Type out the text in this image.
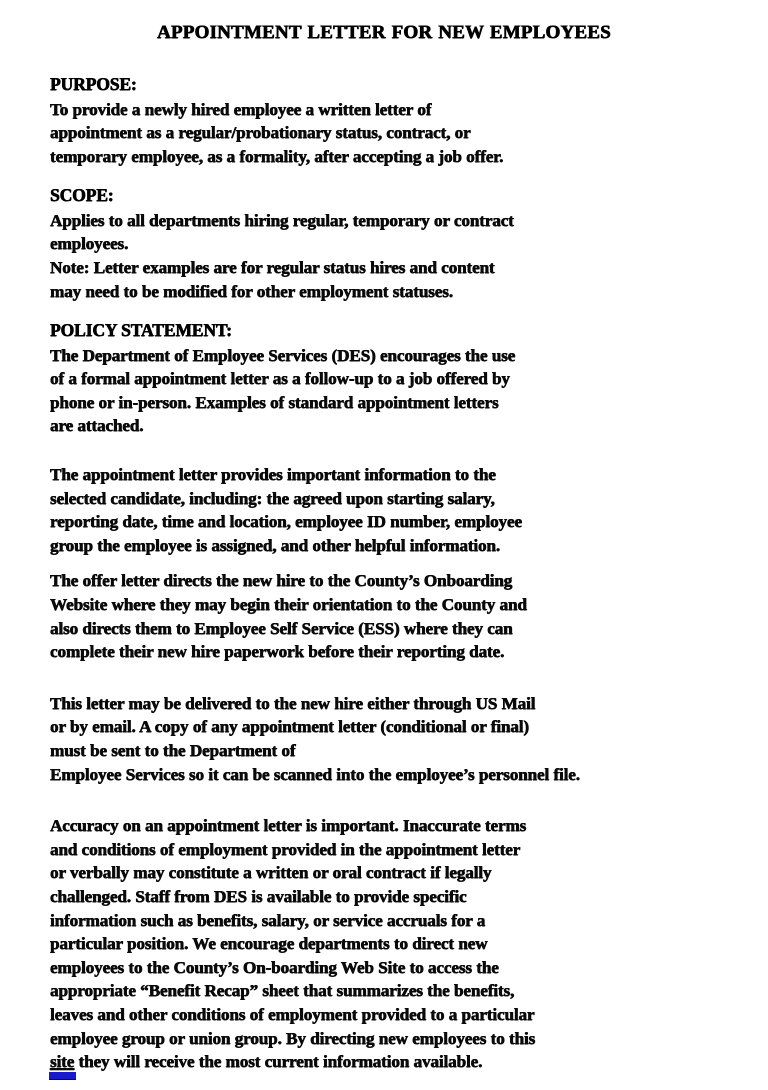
APPOINTMENT LETTER FOR NEW EMPLOYEES
PURPOSE:

To provide a newly hired employee a written letter of
appointment as a regular/probationary status, contract, or
temporary employee, as a formality, after accepting a job offer.

SCOPE:

Applies to all departments hiring regular, temporary or contract
employees.
Note: Letter examples are for regular status hires and content
may need to be modified for other employment statuses.

POLICY STATEMENT:

The Department of Employee Services (DES) encourages the use
of a formal appointment letter as a follow-up to a job offered by
phone or in-person. Examples of standard appointment letters
are attached.

The appointment letter provides important information to the
selected candidate, including: the agreed upon starting salary,
reporting date, time and location, employee ID number, employee
group the employee is assigned, and other helpful information.

The offer letter directs the new hire to the County’s Onboarding
Website where they may begin their orientation to the County and
also directs them to Employee Self Service (ESS) where they can
complete their new hire paperwork before their reporting date.

This letter may be delivered to the new hire either through US Mail
or by email. A copy of any appointment letter (conditional or final)
must be sent to the Department of
Employee Services so it can be scanned into the employee’s personnel file.

Accuracy on an appointment letter is important. Inaccurate terms
and conditions of employment provided in the appointment letter
or verbally may constitute a written or oral contract if legally
challenged. Staff from DES is available to provide specific
information such as benefits, salary, or service accruals for a
particular position. We encourage departments to direct new
employees to the County’s On-boarding Web Site to access the
appropriate “Benefit Recap” sheet that summarizes the benefits,
leaves and other conditions of employment provided to a particular
employee group or union group. By directing new employees to this
site they will receive the most current information available.
